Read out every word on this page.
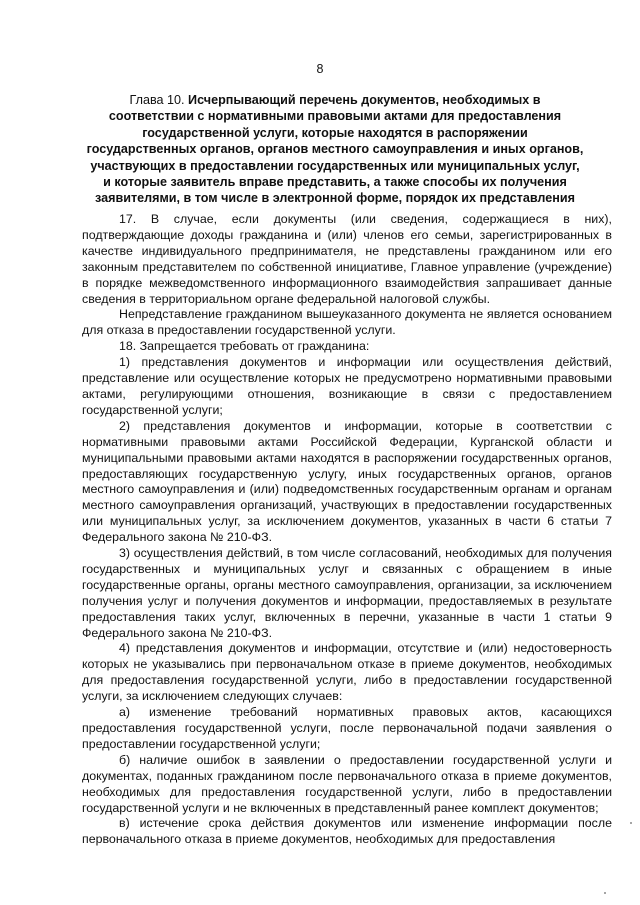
8
Глава 10. Исчерпывающий перечень документов, необходимых в соответствии с нормативными правовыми актами для предоставления государственной услуги, которые находятся в распоряжении государственных органов, органов местного самоуправления и иных органов, участвующих в предоставлении государственных или муниципальных услуг, и которые заявитель вправе представить, а также способы их получения заявителями, в том числе в электронной форме, порядок их представления

17. В случае, если документы (или сведения, содержащиеся в них), подтверждающие доходы гражданина и (или) членов его семьи, зарегистрированных в качестве индивидуального предпринимателя, не представлены гражданином или его законным представителем по собственной инициативе, Главное управление (учреждение) в порядке межведомственного информационного взаимодействия запрашивает данные сведения в территориальном органе федеральной налоговой службы.

Непредставление гражданином вышеуказанного документа не является основанием для отказа в предоставлении государственной услуги.

18. Запрещается требовать от гражданина:

1) представления документов и информации или осуществления действий, представление или осуществление которых не предусмотрено нормативными правовыми актами, регулирующими отношения, возникающие в связи с предоставлением государственной услуги;

2) представления документов и информации, которые в соответствии с нормативными правовыми актами Российской Федерации, Курганской области и муниципальными правовыми актами находятся в распоряжении государственных органов, предоставляющих государственную услугу, иных государственных органов, органов местного самоуправления и (или) подведомственных государственным органам и органам местного самоуправления организаций, участвующих в предоставлении государственных или муниципальных услуг, за исключением документов, указанных в части 6 статьи 7 Федерального закона № 210-ФЗ.

3) осуществления действий, в том числе согласований, необходимых для получения государственных и муниципальных услуг и связанных с обращением в иные государственные органы, органы местного самоуправления, организации, за исключением получения услуг и получения документов и информации, предоставляемых в результате предоставления таких услуг, включенных в перечни, указанные в части 1 статьи 9 Федерального закона № 210-ФЗ.

4) представления документов и информации, отсутствие и (или) недостоверность которых не указывались при первоначальном отказе в приеме документов, необходимых для предоставления государственной услуги, либо в предоставлении государственной услуги, за исключением следующих случаев:

а) изменение требований нормативных правовых актов, касающихся предоставления государственной услуги, после первоначальной подачи заявления о предоставлении государственной услуги;

б) наличие ошибок в заявлении о предоставлении государственной услуги и документах, поданных гражданином после первоначального отказа в приеме документов, необходимых для предоставления государственной услуги, либо в предоставлении государственной услуги и не включенных в представленный ранее комплект документов;

в) истечение срока действия документов или изменение информации после первоначального отказа в приеме документов, необходимых для предоставления
